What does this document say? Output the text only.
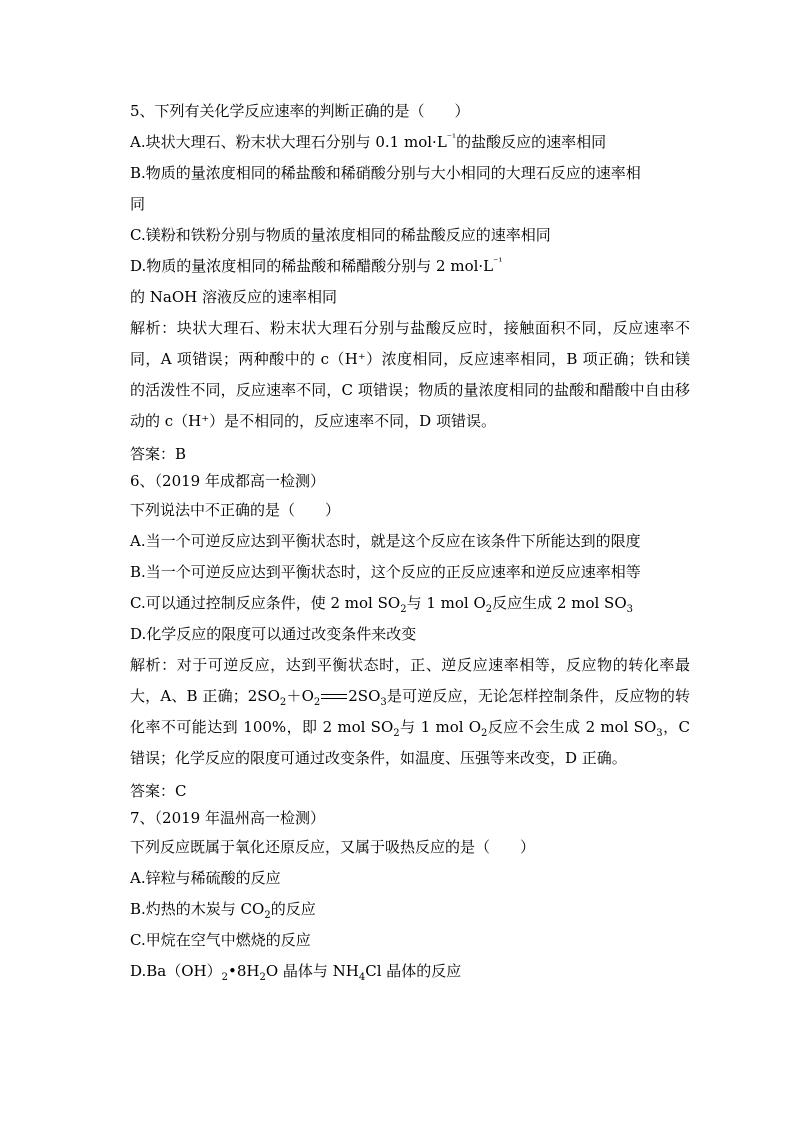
5、下列有关化学反应速率的判断正确的是（　　）
A.块状大理石、粉末状大理石分别与 0.1 $mol\cdot L^{^{-1}}$的盐酸反应的速率相同
B.物质的量浓度相同的稀盐酸和稀硝酸分别与大小相同的大理石反应的速率相
同
C.镁粉和铁粉分别与物质的量浓度相同的稀盐酸反应的速率相同
D.物质的量浓度相同的稀盐酸和稀醋酸分别与 2 $mol\cdot L^{^{-1}}$
的 NaOH 溶液反应的速率相同
解析：块状大理石、粉末状大理石分别与盐酸反应时，接触面积不同，反应速率不同，A 项错误；两种酸中的 c（H⁺）浓度相同，反应速率相同，B 项正确；铁和镁的活泼性不同，反应速率不同，C 项错误；物质的量浓度相同的盐酸和醋酸中自由移动的 c（H⁺）是不相同的，反应速率不同，D 项错误。
答案：B
6、（2019 年成都高一检测）
下列说法中不正确的是（　　）
A.当一个可逆反应达到平衡状态时，就是这个反应在该条件下所能达到的限度
B.当一个可逆反应达到平衡状态时，这个反应的正反应速率和逆反应速率相等
C.可以通过控制反应条件，使 2 mol $SO_2$与 1 mol $O_2$反应生成 2 mol $SO_3$
D.化学反应的限度可以通过改变条件来改变
解析：对于可逆反应，达到平衡状态时，正、逆反应速率相等，反应物的转化率最大，A、B 正确；$2SO_2+O_2$ $2SO_3$是可逆反应，无论怎样控制条件，反应物的转化率不可能达到 100%，即 2 mol $SO_2$与 1 mol $O_2$反应不会生成 2 mol $SO_3$，C 错误；化学反应的限度可通过改变条件，如温度、压强等来改变，D 正确。
答案：C
7、（2019 年温州高一检测）
下列反应既属于氧化还原反应，又属于吸热反应的是（　　）
A.锌粒与稀硫酸的反应
B.灼热的木炭与 $CO_2$的反应
C.甲烷在空气中燃烧的反应
$D.Ba(OH)_2•8H_2O$ 晶体与 $NH_4Cl$ 晶体的反应
